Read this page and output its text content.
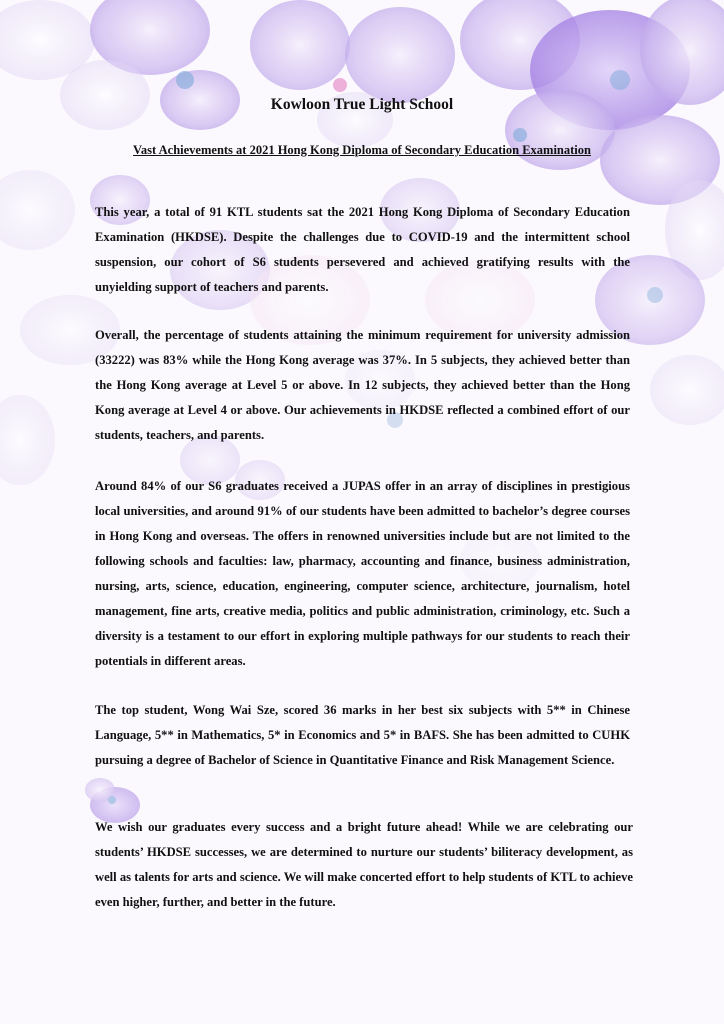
Kowloon True Light School
Vast Achievements at 2021 Hong Kong Diploma of Secondary Education Examination

This year, a total of 91 KTL students sat the 2021 Hong Kong Diploma of Secondary Education Examination (HKDSE). Despite the challenges due to COVID-19 and the intermittent school suspension, our cohort of S6 students persevered and achieved gratifying results with the unyielding support of teachers and parents.

Overall, the percentage of students attaining the minimum requirement for university admission (33222) was 83% while the Hong Kong average was 37%. In 5 subjects, they achieved better than the Hong Kong average at Level 5 or above. In 12 subjects, they achieved better than the Hong Kong average at Level 4 or above. Our achievements in HKDSE reflected a combined effort of our students, teachers, and parents.

Around 84% of our S6 graduates received a JUPAS offer in an array of disciplines in prestigious local universities, and around 91% of our students have been admitted to bachelor’s degree courses in Hong Kong and overseas. The offers in renowned universities include but are not limited to the following schools and faculties: law, pharmacy, accounting and finance, business administration, nursing, arts, science, education, engineering, computer science, architecture, journalism, hotel management, fine arts, creative media, politics and public administration, criminology, etc. Such a diversity is a testament to our effort in exploring multiple pathways for our students to reach their potentials in different areas.

The top student, Wong Wai Sze, scored 36 marks in her best six subjects with 5** in Chinese Language, 5** in Mathematics, 5* in Economics and 5* in BAFS. She has been admitted to CUHK pursuing a degree of Bachelor of Science in Quantitative Finance and Risk Management Science.

We wish our graduates every success and a bright future ahead! While we are celebrating our students’ HKDSE successes, we are determined to nurture our students’ biliteracy development, as well as talents for arts and science. We will make concerted effort to help students of KTL to achieve even higher, further, and better in the future.
